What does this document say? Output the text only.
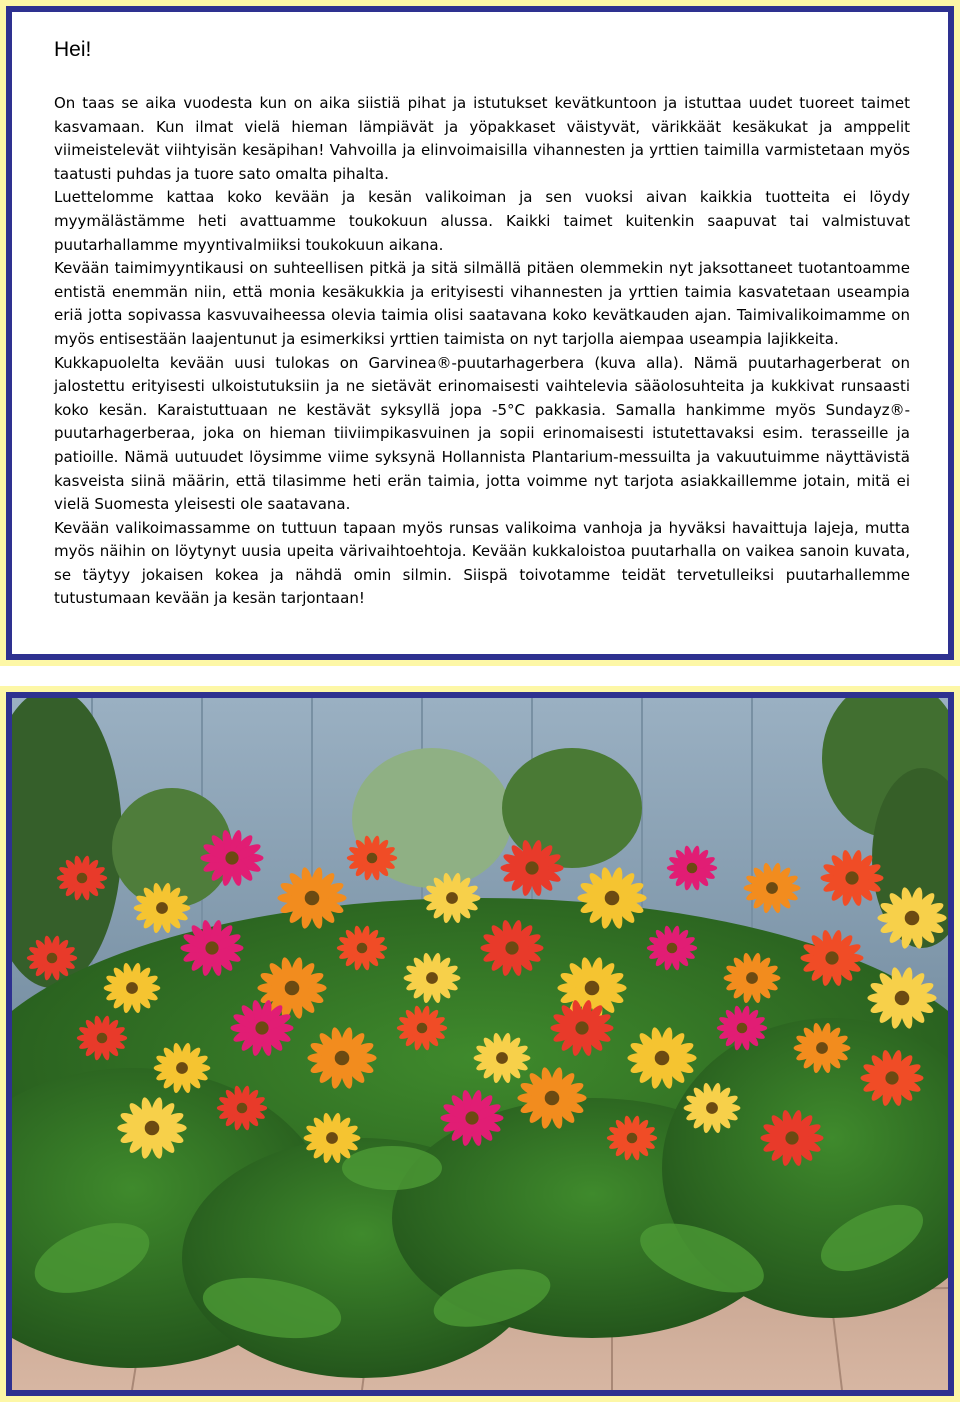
Hei!

On taas se aika vuodesta kun on aika siistiä pihat ja istutukset kevätkuntoon ja istuttaa uudet tuoreet taimet kasvamaan. Kun ilmat vielä hieman lämpiävät ja yöpakkaset väistyvät, värikkäät kesäkukat ja amppelit viimeistelevät viihtyisän kesäpihan! Vahvoilla ja elinvoimaisilla vihannesten ja yrttien taimilla varmistetaan myös taatusti puhdas ja tuore sato omalta pihalta.

Luettelomme kattaa koko kevään ja kesän valikoiman ja sen vuoksi aivan kaikkia tuotteita ei löydy myymälästämme heti avattuamme toukokuun alussa. Kaikki taimet kuitenkin saapuvat tai valmistuvat puutarhallamme myyntivalmiiksi toukokuun aikana.

Kevään taimimyyntikausi on suhteellisen pitkä ja sitä silmällä pitäen olemmekin nyt jaksottaneet tuotantoamme entistä enemmän niin, että monia kesäkukkia ja erityisesti vihannesten ja yrttien taimia kasvatetaan useampia eriä jotta sopivassa kasvuvaiheessa olevia taimia olisi saatavana koko kevätkauden ajan. Taimivalikoimamme on myös entisestään laajentunut ja esimerkiksi yrttien taimista on nyt tarjolla aiempaa useampia lajikkeita.

Kukkapuolelta kevään uusi tulokas on Garvinea®-puutarhagerbera (kuva alla). Nämä puutarhagerberat on jalostettu erityisesti ulkoistutuksiin ja ne sietävät erinomaisesti vaihtelevia sääolosuhteita ja kukkivat runsaasti koko kesän. Karaistuttuaan ne kestävät syksyllä jopa -5°C pakkasia. Samalla hankimme myös Sundayz®-puutarhagerberaa, joka on hieman tiiviimpikasvuinen ja sopii erinomaisesti istutettavaksi esim. terasseille ja patioille. Nämä uutuudet löysimme viime syksynä Hollannista Plantarium-messuilta ja vakuutuimme näyttävistä kasveista siinä määrin, että tilasimme heti erän taimia, jotta voimme nyt tarjota asiakkaillemme jotain, mitä ei vielä Suomesta yleisesti ole saatavana.

Kevään valikoimassamme on tuttuun tapaan myös runsas valikoima vanhoja ja hyväksi havaittuja lajeja, mutta myös näihin on löytynyt uusia upeita värivaihtoehtoja. Kevään kukkaloistoa puutarhalla on vaikea sanoin kuvata, se täytyy jokaisen kokea ja nähdä omin silmin. Siispä toivotamme teidät tervetulleiksi puutarhallemme tutustumaan kevään ja kesän tarjontaan!
